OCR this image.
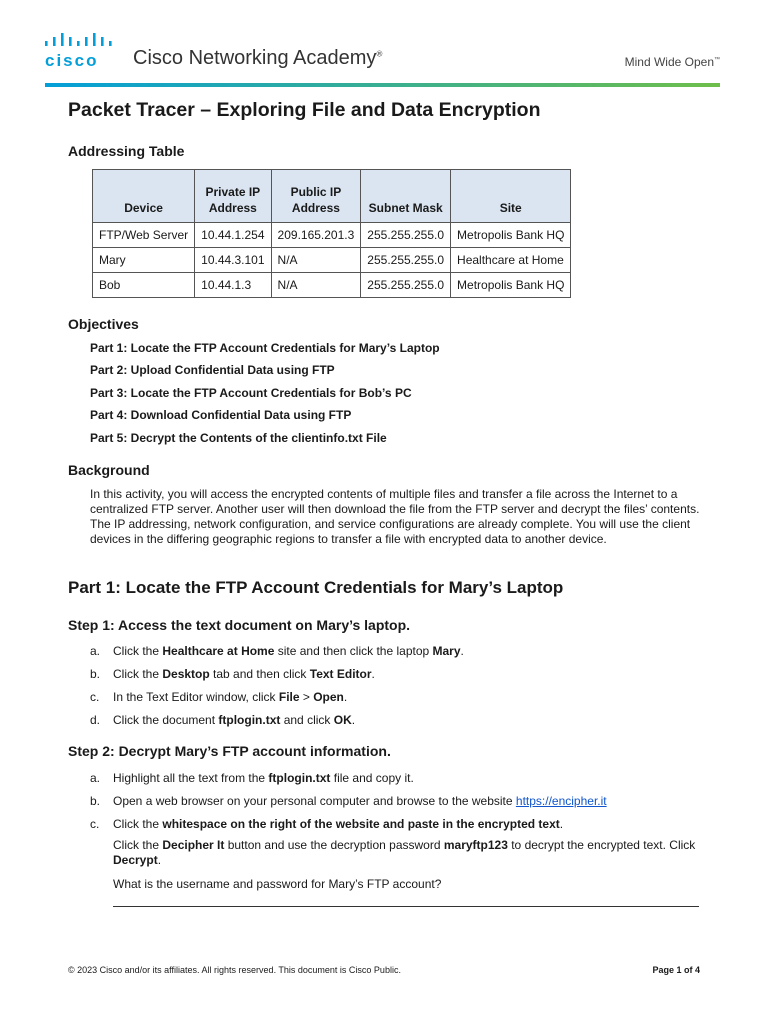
cisco Cisco Networking Academy®
Mind Wide Open™
Packet Tracer – Exploring File and Data Encryption
Addressing Table
Device	Private IP Address	Public IP Address	Subnet Mask	Site
FTP/Web Server	10.44.1.254	209.165.201.3	255.255.255.0	Metropolis Bank HQ
Mary	10.44.3.101	N/A	255.255.255.0	Healthcare at Home
Bob	10.44.1.3	N/A	255.255.255.0	Metropolis Bank HQ
Objectives

Part 1: Locate the FTP Account Credentials for Mary’s Laptop

Part 2: Upload Confidential Data using FTP

Part 3: Locate the FTP Account Credentials for Bob’s PC

Part 4: Download Confidential Data using FTP

Part 5: Decrypt the Contents of the clientinfo.txt File

Background

In this activity, you will access the encrypted contents of multiple files and transfer a file across the Internet to a centralized FTP server. Another user will then download the file from the FTP server and decrypt the files’ contents. The IP addressing, network configuration, and service configurations are already complete. You will use the client devices in the differing geographic regions to transfer a file with encrypted data to another device.

Part 1: Locate the FTP Account Credentials for Mary’s Laptop
Step 1: Access the text document on Mary’s laptop.
a.	Click the Healthcare at Home site and then click the laptop Mary.
b.	Click the Desktop tab and then click Text Editor.
c.	In the Text Editor window, click File > Open.
d.	Click the document ftplogin.txt and click OK.
Step 2: Decrypt Mary’s FTP account information.
a.	Highlight all the text from the ftplogin.txt file and copy it.
b.	Open a web browser on your personal computer and browse to the website https://encipher.it
c.	Click the whitespace on the right of the website and paste in the encrypted text.

Click the Decipher It button and use the decryption password maryftp123 to decrypt the encrypted text. Click Decrypt.

What is the username and password for Mary’s FTP account?

© 2023 Cisco and/or its affiliates. All rights reserved. This document is Cisco Public.	Page 1 of 4
